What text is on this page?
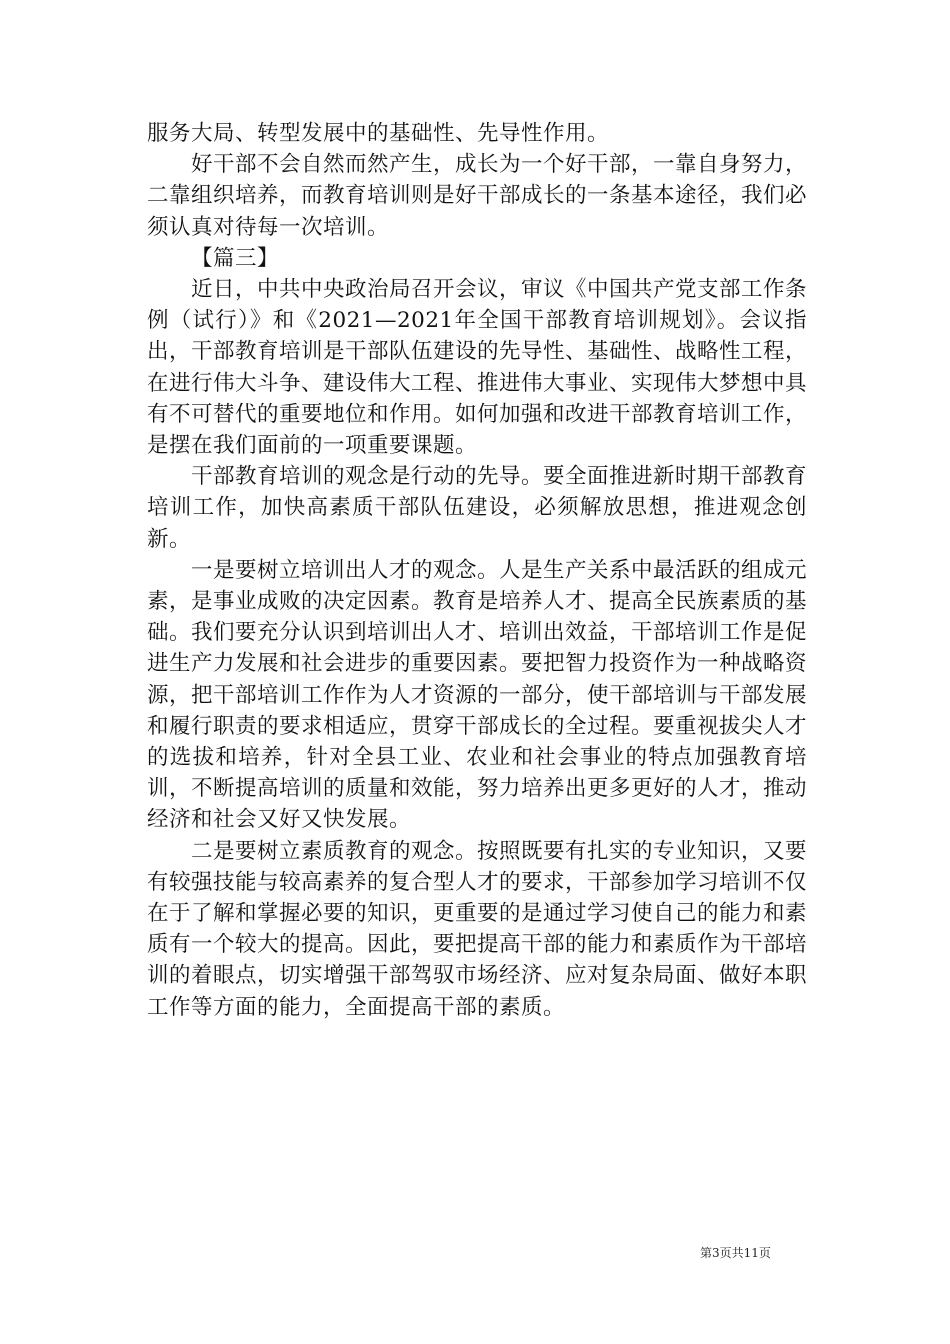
服务大局、转型发展中的基础性、先导性作用。

好干部不会自然而然产生，成长为一个好干部，一靠自身努力，二靠组织培养，而教育培训则是好干部成长的一条基本途径，我们必须认真对待每一次培训。

【篇三】

近日，中共中央政治局召开会议，审议《中国共产党支部工作条例（试行）》和《2021—2021年全国干部教育培训规划》。会议指出，干部教育培训是干部队伍建设的先导性、基础性、战略性工程，在进行伟大斗争、建设伟大工程、推进伟大事业、实现伟大梦想中具有不可替代的重要地位和作用。如何加强和改进干部教育培训工作，是摆在我们面前的一项重要课题。

干部教育培训的观念是行动的先导。要全面推进新时期干部教育培训工作，加快高素质干部队伍建设，必须解放思想，推进观念创新。

一是要树立培训出人才的观念。人是生产关系中最活跃的组成元素，是事业成败的决定因素。教育是培养人才、提高全民族素质的基础。我们要充分认识到培训出人才、培训出效益，干部培训工作是促进生产力发展和社会进步的重要因素。要把智力投资作为一种战略资源，把干部培训工作作为人才资源的一部分，使干部培训与干部发展和履行职责的要求相适应，贯穿干部成长的全过程。要重视拔尖人才的选拔和培养，针对全县工业、农业和社会事业的特点加强教育培训，不断提高培训的质量和效能，努力培养出更多更好的人才，推动经济和社会又好又快发展。

二是要树立素质教育的观念。按照既要有扎实的专业知识，又要有较强技能与较高素养的复合型人才的要求，干部参加学习培训不仅在于了解和掌握必要的知识，更重要的是通过学习使自己的能力和素质有一个较大的提高。因此，要把提高干部的能力和素质作为干部培训的着眼点，切实增强干部驾驭市场经济、应对复杂局面、做好本职工作等方面的能力，全面提高干部的素质。

第3页共11页
